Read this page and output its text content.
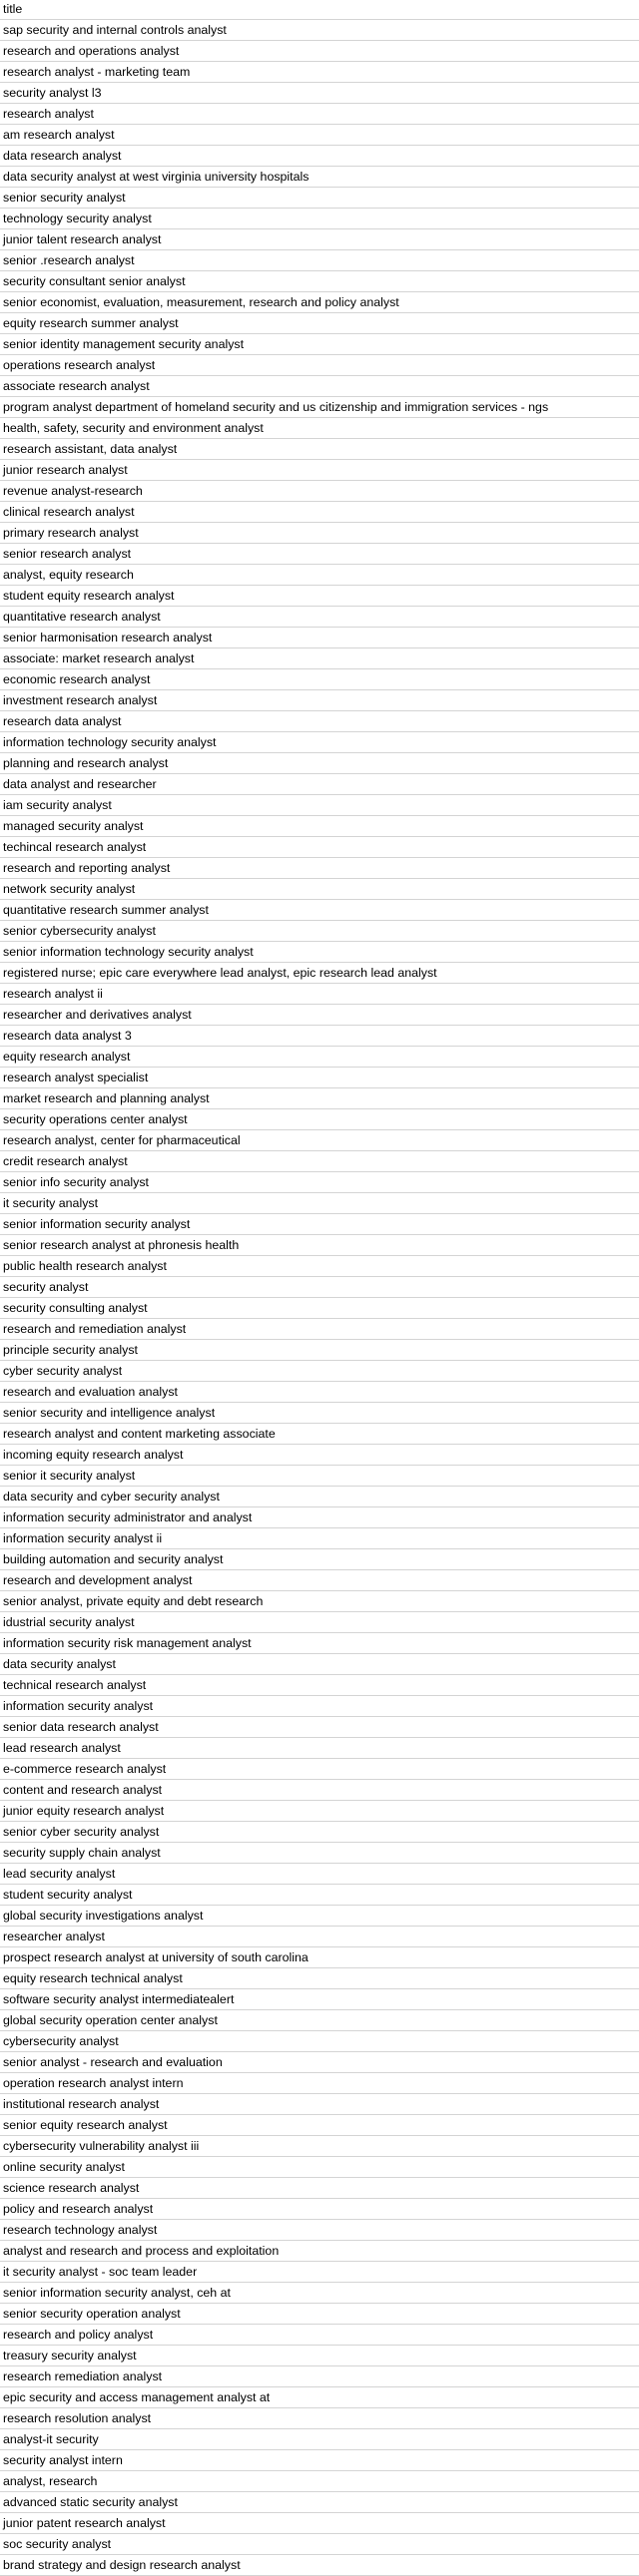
title
sap security and internal controls analyst
research and operations analyst
research analyst - marketing team
security analyst l3
research analyst
am research analyst
data research analyst
data security analyst at west virginia university hospitals
senior security analyst
technology security analyst
junior talent research analyst
senior .research analyst
security consultant senior analyst
senior economist, evaluation, measurement, research and policy analyst
equity research summer analyst
senior identity management security analyst
operations research analyst
associate research analyst
program analyst department of homeland security and us citizenship and immigration services - ngs
health, safety, security and environment analyst
research assistant, data analyst
junior research analyst
revenue analyst-research
clinical research analyst
primary research analyst
senior research analyst
analyst, equity research
student equity research analyst
quantitative research analyst
senior harmonisation research analyst
associate: market research analyst
economic research analyst
investment research analyst
research data analyst
information technology security analyst
planning and research analyst
data analyst and researcher
iam security analyst
managed security analyst
techincal research analyst
research and reporting analyst
network security analyst
quantitative research summer analyst
senior cybersecurity analyst
senior information technology security analyst
registered nurse; epic care everywhere lead analyst, epic research lead analyst
research analyst ii
researcher and derivatives analyst
research data analyst 3
equity research analyst
research analyst specialist
market research and planning analyst
security operations center analyst
research analyst, center for pharmaceutical
credit research analyst
senior info security analyst
it security analyst
senior information security analyst
senior research analyst at phronesis health
public health research analyst
security analyst
security consulting analyst
research and remediation analyst
principle security analyst
cyber security analyst
research and evaluation analyst
senior security and intelligence analyst
research analyst and content marketing associate
incoming equity research analyst
senior it security analyst
data security and cyber security analyst
information security administrator and analyst
information security analyst ii
building automation and security analyst
research and development analyst
senior analyst, private equity and debt research
idustrial security analyst
information security risk management analyst
data security analyst
technical research analyst
information security analyst
senior data research analyst
lead research analyst
e-commerce research analyst
content and research analyst
junior equity research analyst
senior cyber security analyst
security supply chain analyst
lead security analyst
student security analyst
global security investigations analyst
researcher analyst
prospect research analyst at university of south carolina
equity research technical analyst
software security analyst intermediatealert
global security operation center analyst
cybersecurity analyst
senior analyst - research and evaluation
operation research analyst intern
institutional research analyst
senior equity research analyst
cybersecurity vulnerability analyst iii
online security analyst
science research analyst
policy and research analyst
research technology analyst
analyst and research and process and exploitation
it security analyst - soc team leader
senior information security analyst, ceh at
senior security operation analyst
research and policy analyst
treasury security analyst
research remediation analyst
epic security and access management analyst at
research resolution analyst
analyst-it security
security analyst intern
analyst, research
advanced static security analyst
junior patent research analyst
soc security analyst
brand strategy and design research analyst
